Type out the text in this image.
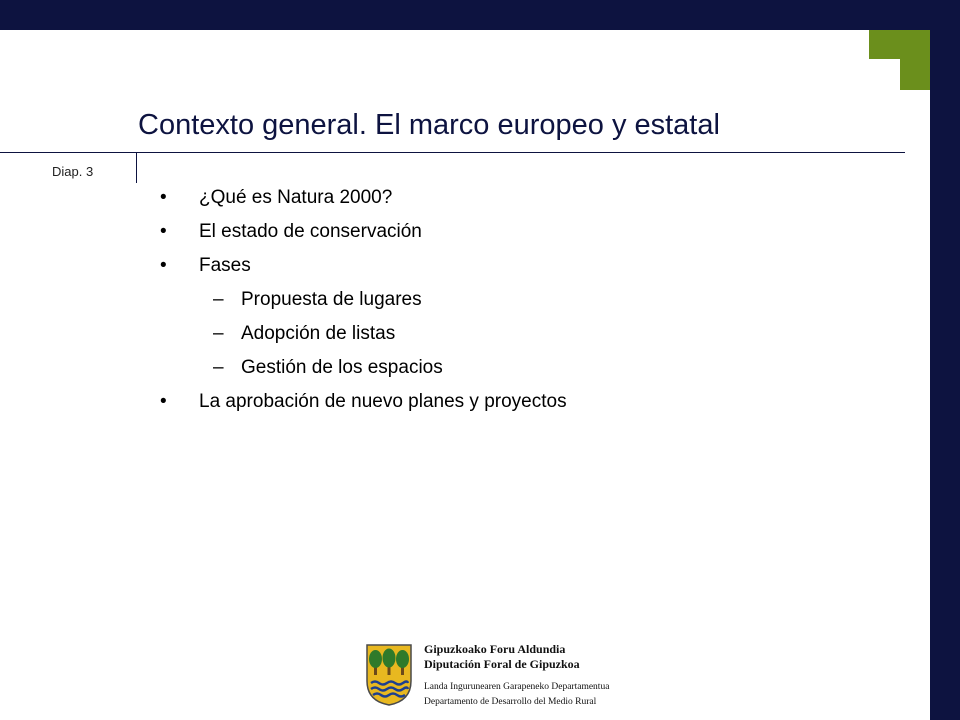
Contexto general. El marco europeo y estatal
Diap. 3
• ¿Qué es Natura 2000?
• El estado de conservación
• Fases
– Propuesta de lugares
– Adopción de listas
– Gestión de los espacios
• La aprobación de nuevo planes y proyectos
Gipuzkoako Foru Aldundia
Diputación Foral de Gipuzkoa
Landa Ingurunearen Garapeneko Departamentua
Departamento de Desarrollo del Medio Rural
